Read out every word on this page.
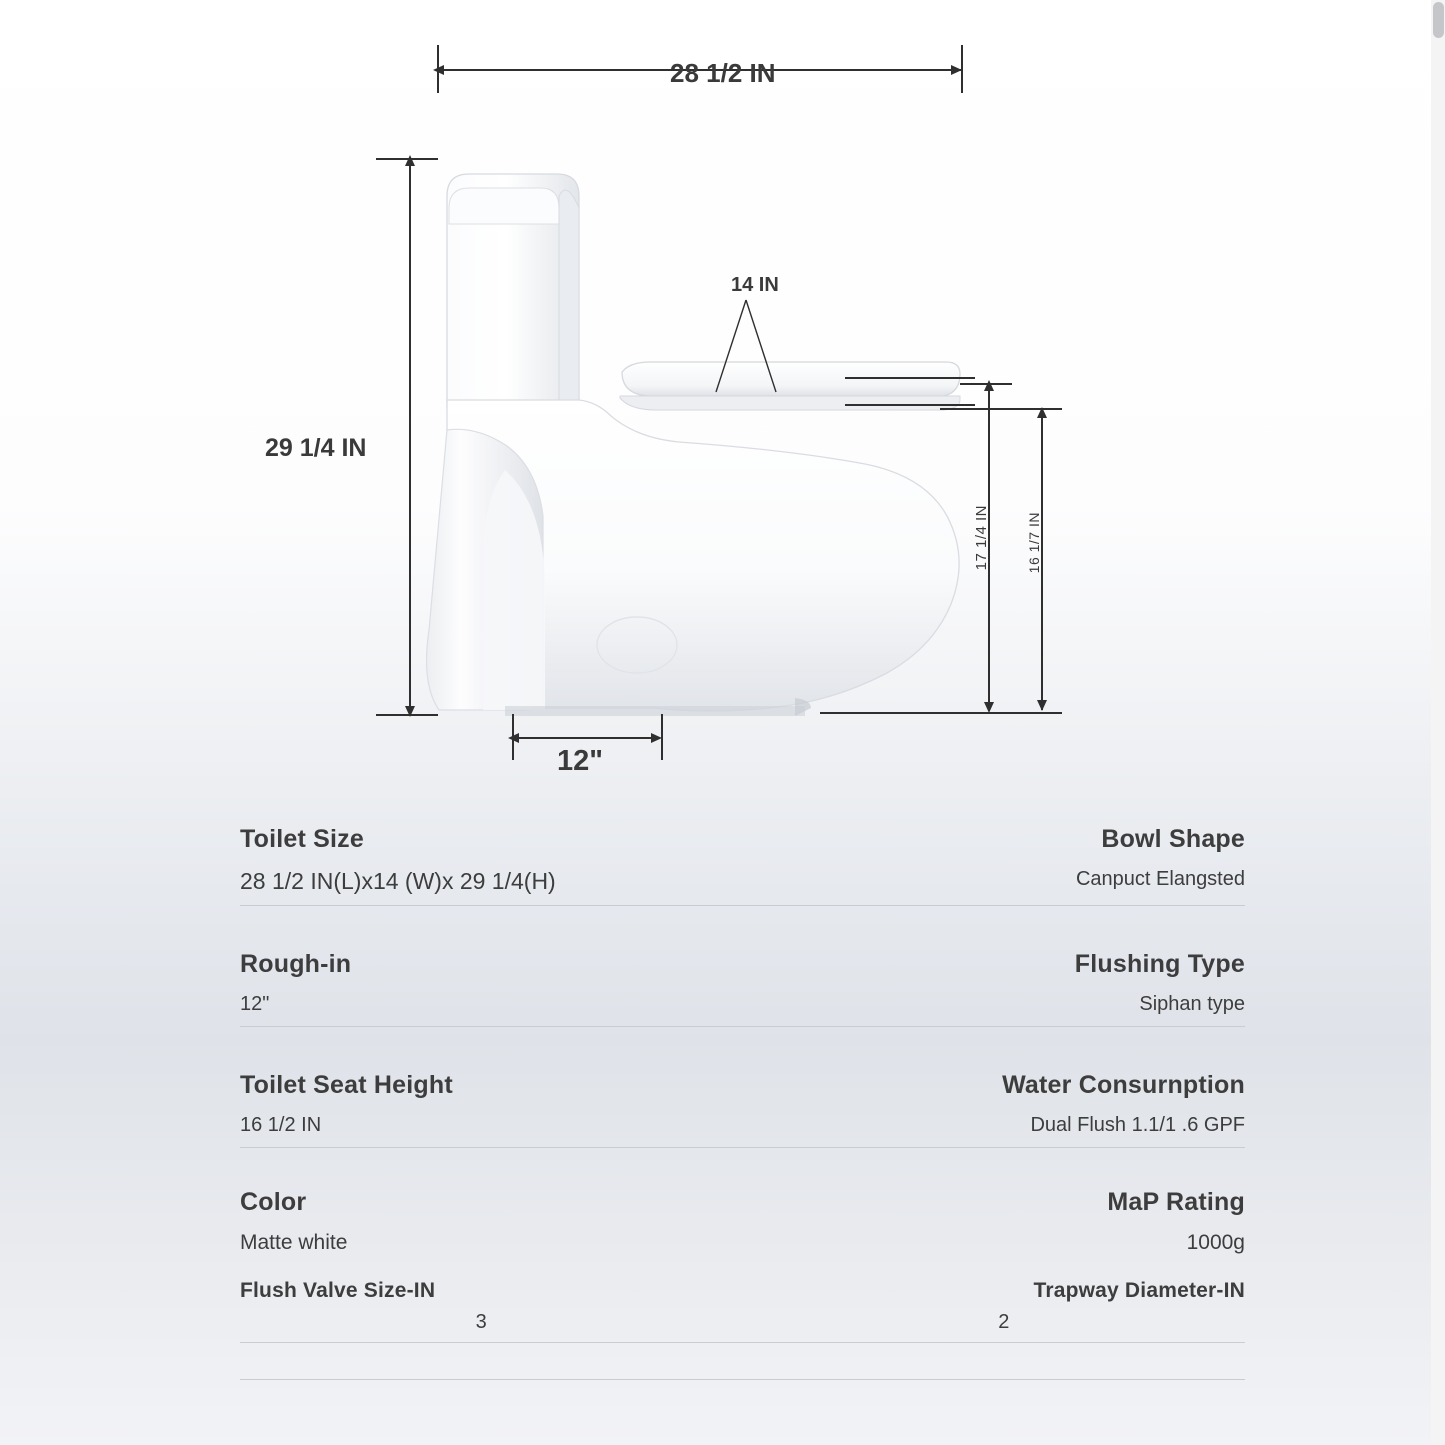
28 1/2 IN
29 1/4 IN
14 IN
17 1/4 IN	16 1/7 IN
12"
Toilet Size	Bowl Shape
28 1/2 IN(L)x14 (W)x 29 1/4(H)	Canpuct Elangsted
Rough-in	Flushing Type
12"	Siphan type
Toilet Seat Height	Water Consurnption
16 1/2 IN	Dual Flush 1.1/1 .6 GPF
Color	MaP Rating
Matte white	1000g
Flush Valve Size-IN	Trapway Diameter-IN
3	2
